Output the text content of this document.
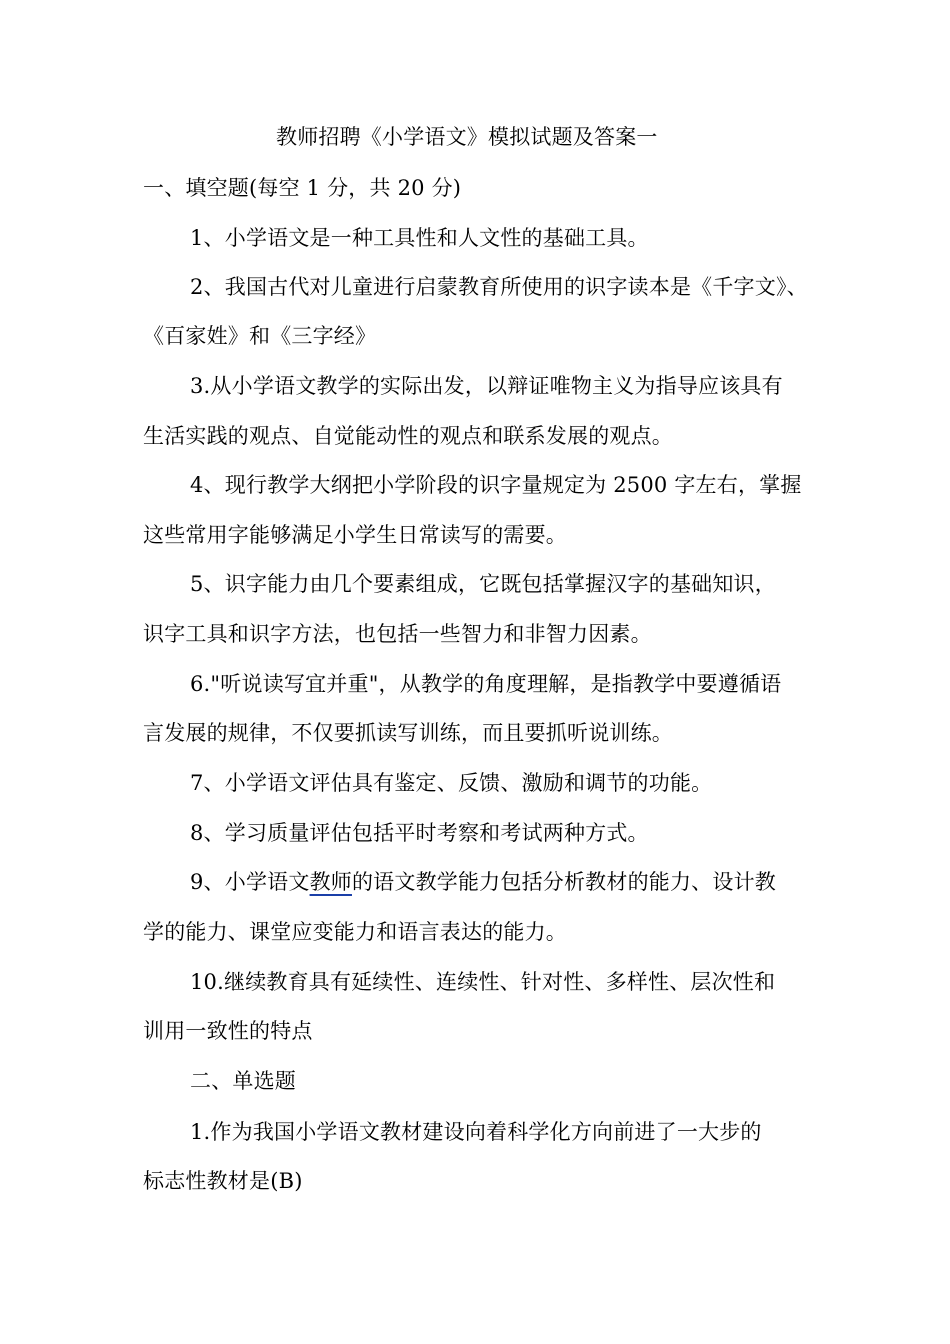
教师招聘《小学语文》模拟试题及答案一

一、填空题(每空 1 分，共 20 分)

1、小学语文是一种工具性和人文性的基础工具。

2、我国古代对儿童进行启蒙教育所使用的识字读本是《千字文》、

《百家姓》和《三字经》

3.从小学语文教学的实际出发，以辩证唯物主义为指导应该具有

生活实践的观点、自觉能动性的观点和联系发展的观点。

4、现行教学大纲把小学阶段的识字量规定为 2500 字左右，掌握

这些常用字能够满足小学生日常读写的需要。

5、识字能力由几个要素组成，它既包括掌握汉字的基础知识，

识字工具和识字方法，也包括一些智力和非智力因素。

6."听说读写宜并重"，从教学的角度理解，是指教学中要遵循语

言发展的规律，不仅要抓读写训练，而且要抓听说训练。

7、小学语文评估具有鉴定、反馈、激励和调节的功能。

8、学习质量评估包括平时考察和考试两种方式。

9、小学语文教师的语文教学能力包括分析教材的能力、设计教

学的能力、课堂应变能力和语言表达的能力。

10.继续教育具有延续性、连续性、针对性、多样性、层次性和

训用一致性的特点

二、单选题

1.作为我国小学语文教材建设向着科学化方向前进了一大步的

标志性教材是(B)
